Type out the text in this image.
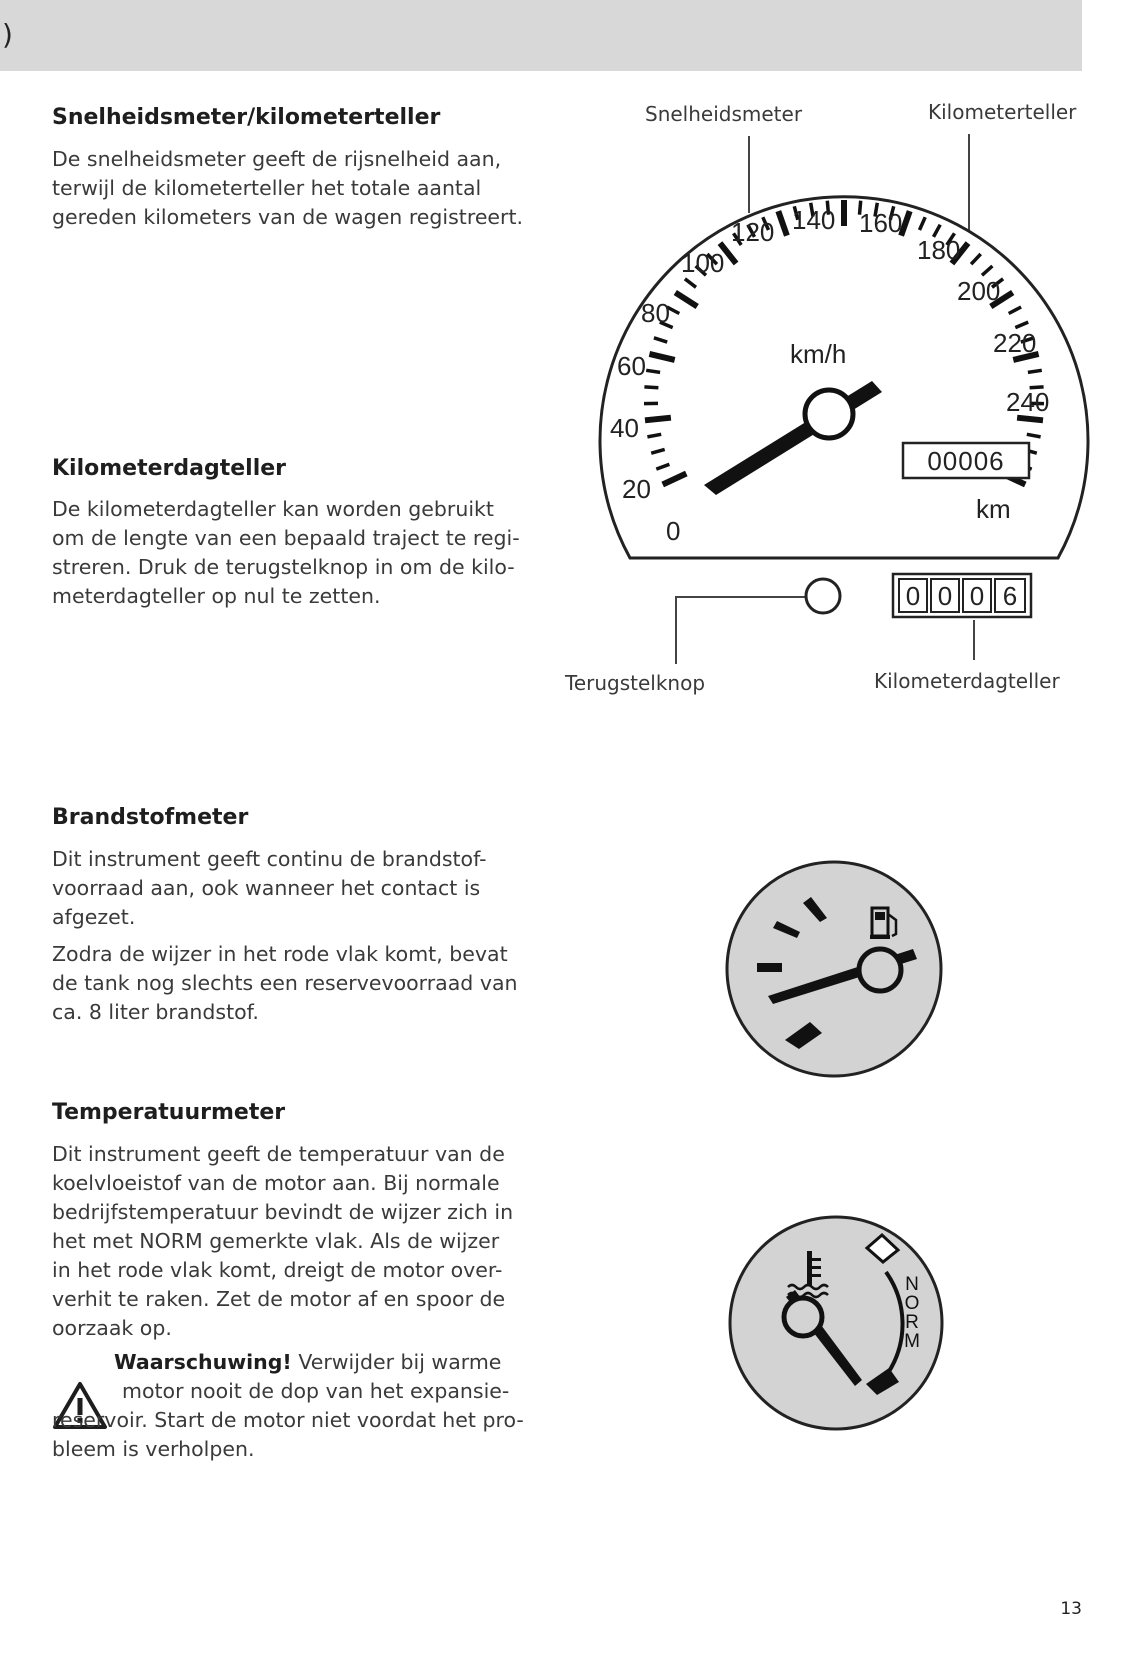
)
Snelheidsmeter/kilometerteller
De snelheidsmeter geeft de rijsnelheid aan,
terwijl de kilometerteller het totale aantal
gereden kilometers van de wagen registreert.
Kilometerdagteller
De kilometerdagteller kan worden gebruikt
om de lengte van een bepaald traject te regi-
streren. Druk de terugstelknop in om de kilo-
meterdagteller op nul te zetten.
Brandstofmeter
Dit instrument geeft continu de brandstof-
voorraad aan, ook wanneer het contact is
afgezet.
Zodra de wijzer in het rode vlak komt, bevat
de tank nog slechts een reservevoorraad van
ca. 8 liter brandstof.
Temperatuurmeter
Dit instrument geeft de temperatuur van de
koelvloeistof van de motor aan. Bij normale
bedrijfstemperatuur bevindt de wijzer zich in
het met NORM gemerkte vlak. Als de wijzer
in het rode vlak komt, dreigt de motor over-
verhit te raken. Zet de motor af en spoor de
oorzaak op.
Waarschuwing! Verwijder bij warme
motor nooit de dop van het expansie-
reservoir. Start de motor niet voordat het pro-
bleem is verholpen.
Snelheidsmeter	Kilometerteller
Terugstelknop	Kilometerdagteller
0
20
40
60
80
100
120 140 160
180
200
220
240
km/h
00006
km
0 0 0 6
N
O
R
M
13
